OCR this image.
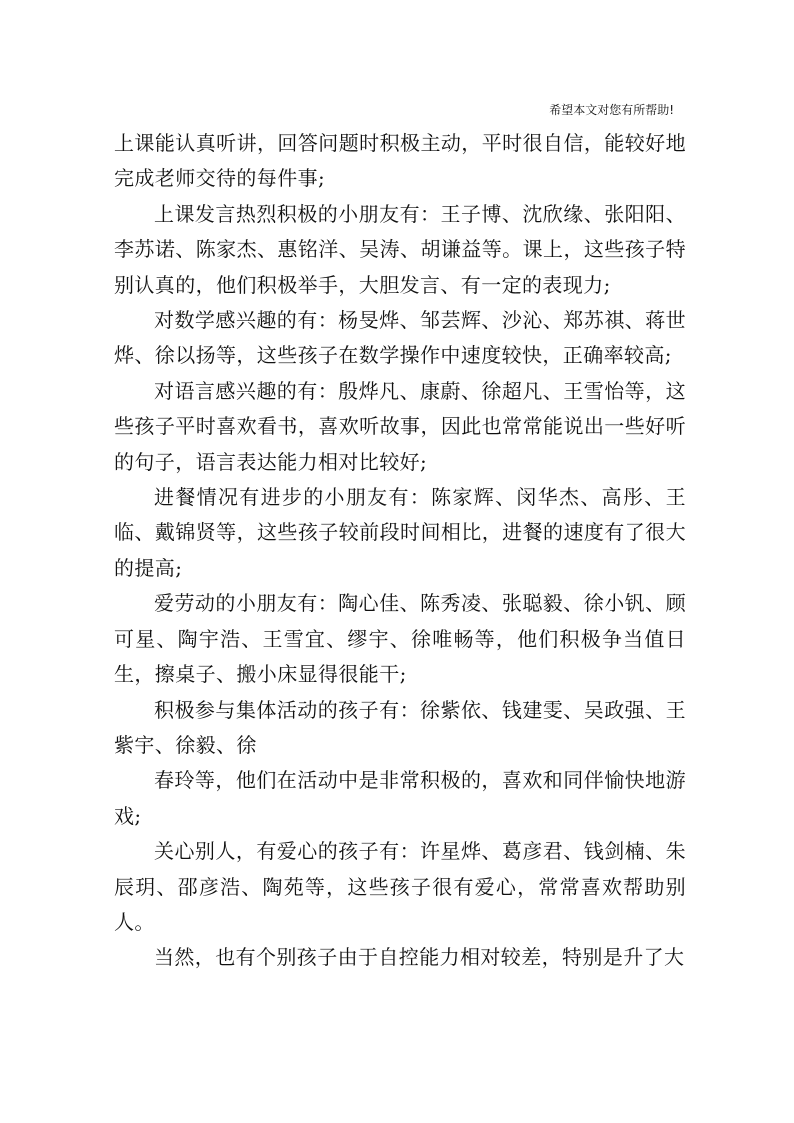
希望本文对您有所帮助!

上课能认真听讲，回答问题时积极主动，平时很自信，能较好地完成老师交待的每件事;

上课发言热烈积极的小朋友有：王子博、沈欣缘、张阳阳、李苏诺、陈家杰、惠铭洋、吴涛、胡谦益等。课上，这些孩子特别认真的，他们积极举手，大胆发言、有一定的表现力;

对数学感兴趣的有：杨旻烨、邹芸辉、沙沁、郑苏祺、蒋世烨、徐以扬等，这些孩子在数学操作中速度较快，正确率较高;

对语言感兴趣的有：殷烨凡、康蔚、徐超凡、王雪怡等，这些孩子平时喜欢看书，喜欢听故事，因此也常常能说出一些好听的句子，语言表达能力相对比较好;

进餐情况有进步的小朋友有：陈家辉、闵华杰、高彤、王临、戴锦贤等，这些孩子较前段时间相比，进餐的速度有了很大的提高;

爱劳动的小朋友有：陶心佳、陈秀凌、张聪毅、徐小钒、顾可星、陶宇浩、王雪宜、缪宇、徐唯畅等，他们积极争当值日生，擦桌子、搬小床显得很能干;

积极参与集体活动的孩子有：徐紫依、钱建雯、吴政强、王紫宇、徐毅、徐

春玲等，他们在活动中是非常积极的，喜欢和同伴愉快地游戏;

关心别人，有爱心的孩子有：许星烨、葛彦君、钱剑楠、朱辰玥、邵彦浩、陶苑等，这些孩子很有爱心，常常喜欢帮助别人。

当然，也有个别孩子由于自控能力相对较差，特别是升了大
